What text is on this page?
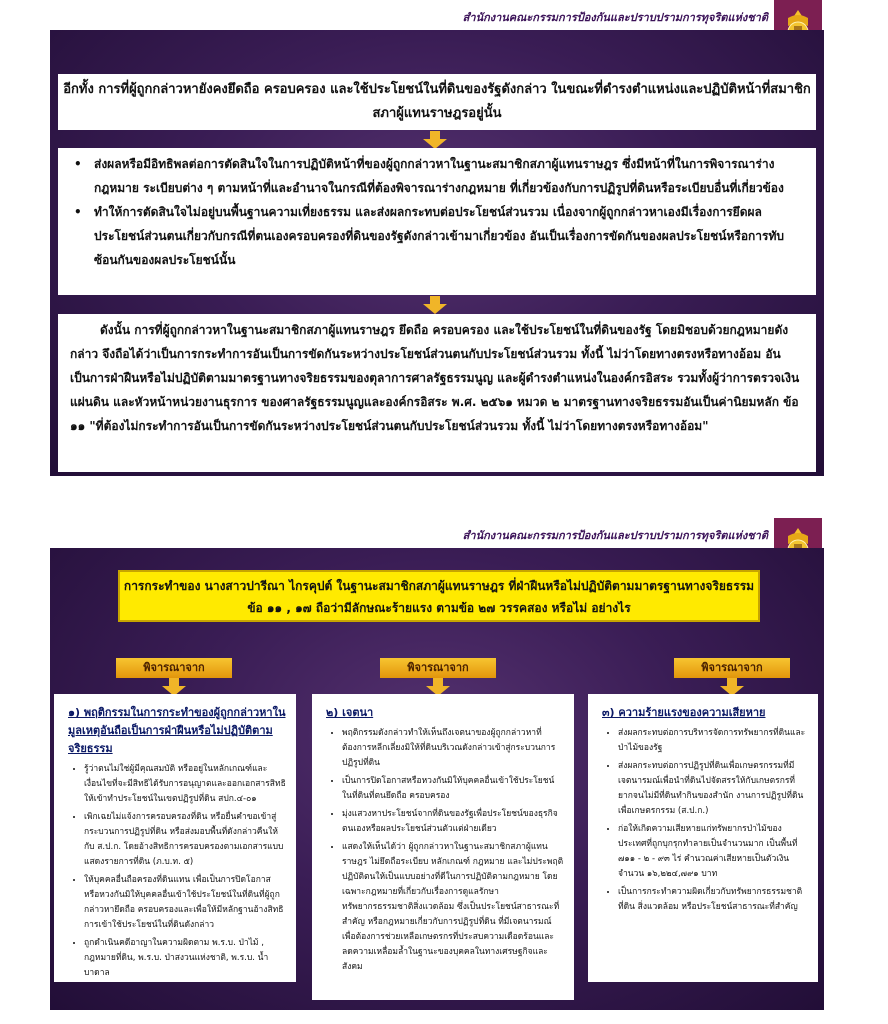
สำนักงานคณะกรรมการป้องกันและปราบปรามการทุจริตแห่งชาติ
อีกทั้ง การที่ผู้ถูกกล่าวหายังคงยึดถือ ครอบครอง และใช้ประโยชน์ในที่ดินของรัฐดังกล่าว ในขณะที่ดำรงตำแหน่งและปฏิบัติหน้าที่สมาชิกสภาผู้แทนราษฎรอยู่นั้น
• ส่งผลหรือมีอิทธิพลต่อการตัดสินใจในการปฏิบัติหน้าที่ของผู้ถูกกล่าวหาในฐานะสมาชิกสภาผู้แทนราษฎร ซึ่งมีหน้าที่ในการพิจารณาร่างกฎหมาย ระเบียบต่าง ๆ ตามหน้าที่และอำนาจในกรณีที่ต้องพิจารณาร่างกฎหมาย ที่เกี่ยวข้องกับการปฏิรูปที่ดินหรือระเบียบอื่นที่เกี่ยวข้อง
• ทำให้การตัดสินใจไม่อยู่บนพื้นฐานความเที่ยงธรรม และส่งผลกระทบต่อประโยชน์ส่วนรวม เนื่องจากผู้ถูกกล่าวหาเองมีเรื่องการยึดผลประโยชน์ส่วนตนเกี่ยวกับกรณีที่ตนเองครอบครองที่ดินของรัฐดังกล่าวเข้ามาเกี่ยวข้อง อันเป็นเรื่องการขัดกันของผลประโยชน์หรือการทับซ้อนกันของผลประโยชน์นั้น
ดังนั้น การที่ผู้ถูกกล่าวหาในฐานะสมาชิกสภาผู้แทนราษฎร ยึดถือ ครอบครอง และใช้ประโยชน์ในที่ดินของรัฐ โดยมิชอบด้วยกฎหมายดังกล่าว จึงถือได้ว่าเป็นการกระทำการอันเป็นการขัดกันระหว่างประโยชน์ส่วนตนกับประโยชน์ส่วนรวม ทั้งนี้ ไม่ว่าโดยทางตรงหรือทางอ้อม อันเป็นการฝ่าฝืนหรือไม่ปฏิบัติตามมาตรฐานทางจริยธรรมของตุลาการศาลรัฐธรรมนูญ และผู้ดำรงตำแหน่งในองค์กรอิสระ รวมทั้งผู้ว่าการตรวจเงินแผ่นดิน และหัวหน้าหน่วยงานธุรการ ของศาลรัฐธรรมนูญและองค์กรอิสระ พ.ศ. ๒๕๖๑ หมวด ๒ มาตรฐานทางจริยธรรมอันเป็นค่านิยมหลัก ข้อ ๑๑ "ที่ต้องไม่กระทำการอันเป็นการขัดกันระหว่างประโยชน์ส่วนตนกับประโยชน์ส่วนรวม ทั้งนี้ ไม่ว่าโดยทางตรงหรือทางอ้อม"
สำนักงานคณะกรรมการป้องกันและปราบปรามการทุจริตแห่งชาติ
การกระทำของ นางสาวปารีณา ไกรคุปต์ ในฐานะสมาชิกสภาผู้แทนราษฎร ที่ฝ่าฝืนหรือไม่ปฏิบัติตามมาตรฐานทางจริยธรรม ข้อ ๑๑ , ๑๗ ถือว่ามีลักษณะร้ายแรง ตามข้อ ๒๗ วรรคสอง หรือไม่ อย่างไร
พิจารณาจาก	พิจารณาจาก	พิจารณาจาก
๑) พฤติกรรมในการกระทำของผู้ถูกกล่าวหาในมูลเหตุอันถือเป็นการฝ่าฝืนหรือไม่ปฏิบัติตามจริยธรรม
• รู้ว่าตนไม่ใช่ผู้มีคุณสมบัติ หรืออยู่ในหลักเกณฑ์และเงื่อนไขที่จะมีสิทธิได้รับการอนุญาตและออกเอกสารสิทธิให้เข้าทำประโยชน์ในเขตปฏิรูปที่ดิน สปก.๔-๐๑
• เพิกเฉยไม่แจ้งการครอบครองที่ดิน หรือยื่นคำขอเข้าสู่กระบวนการปฏิรูปที่ดิน หรือส่งมอบพื้นที่ดังกล่าวคืนให้กับ ส.ป.ก. โดยอ้างสิทธิการครอบครองตามเอกสารแบบแสดงรายการที่ดิน (ภ.บ.ท. ๕)
• ให้บุคคลอื่นถือครองที่ดินแทน เพื่อเป็นการปิดโอกาสหรือหวงกันมิให้บุคคลอื่นเข้าใช้ประโยชน์ในที่ดินที่ผู้ถูกกล่าวหายึดถือ ครอบครองและเพื่อให้มีหลักฐานอ้างสิทธิการเข้าใช้ประโยชน์ในที่ดินดังกล่าว
• ถูกดำเนินคดีอาญาในความผิดตาม พ.ร.บ. ป่าไม้ , กฎหมายที่ดิน, พ.ร.บ. ป่าสงวนแห่งชาติ, พ.ร.บ. น้ำบาดาล
๒) เจตนา
• พฤติกรรมดังกล่าวทำให้เห็นถึงเจตนาของผู้ถูกกล่าวหาที่ต้องการหลีกเลี่ยงมิให้ที่ดินบริเวณดังกล่าวเข้าสู่กระบวนการปฏิรูปที่ดิน
• เป็นการปิดโอกาสหรือหวงกันมิให้บุคคลอื่นเข้าใช้ประโยชน์ในที่ดินที่ตนยึดถือ ครอบครอง
• มุ่งแสวงหาประโยชน์จากที่ดินของรัฐเพื่อประโยชน์ของธุรกิจตนเองหรือผลประโยชน์ส่วนตัวแต่ฝ่ายเดียว
• แสดงให้เห็นได้ว่า ผู้ถูกกล่าวหาในฐานะสมาชิกสภาผู้แทนราษฎร ไม่ยึดถือระเบียบ หลักเกณฑ์ กฎหมาย และไม่ประพฤติปฏิบัติตนให้เป็นแบบอย่างที่ดีในการปฏิบัติตามกฎหมาย โดยเฉพาะกฎหมายที่เกี่ยวกับเรื่องการดูแลรักษาทรัพยากรธรรมชาติสิ่งแวดล้อม ซึ่งเป็นประโยชน์สาธารณะที่สำคัญ หรือกฎหมายเกี่ยวกับการปฏิรูปที่ดิน ที่มีเจตนารมณ์เพื่อต้องการช่วยเหลือเกษตรกรที่ประสบความเดือดร้อนและลดความเหลื่อมล้ำในฐานะของบุคคลในทางเศรษฐกิจและสังคม
๓) ความร้ายแรงของความเสียหาย
• ส่งผลกระทบต่อการบริหารจัดการทรัพยากรที่ดินและป่าไม้ของรัฐ
• ส่งผลกระทบต่อการปฏิรูปที่ดินเพื่อเกษตรกรรมที่มีเจตนารมณ์เพื่อนำที่ดินไปจัดสรรให้กับเกษตรกรที่ยากจนไม่มีที่ดินทำกินของสำนัก งานการปฏิรูปที่ดินเพื่อเกษตรกรรม (ส.ป.ก.)
• ก่อให้เกิดความเสียหายแก่ทรัพยากรป่าไม้ของประเทศที่ถูกบุกรุกทำลายเป็นจำนวนมาก เป็นพื้นที่ ๗๑๑ - ๒ - ๙๓ ไร่ คำนวณค่าเสียหายเป็นตัวเงิน จำนวน ๑๖,๒๒๔,๗๙๑ บาท
• เป็นการกระทำความผิดเกี่ยวกับทรัพยากรธรรมชาติที่ดิน สิ่งแวดล้อม หรือประโยชน์สาธารณะที่สำคัญ
